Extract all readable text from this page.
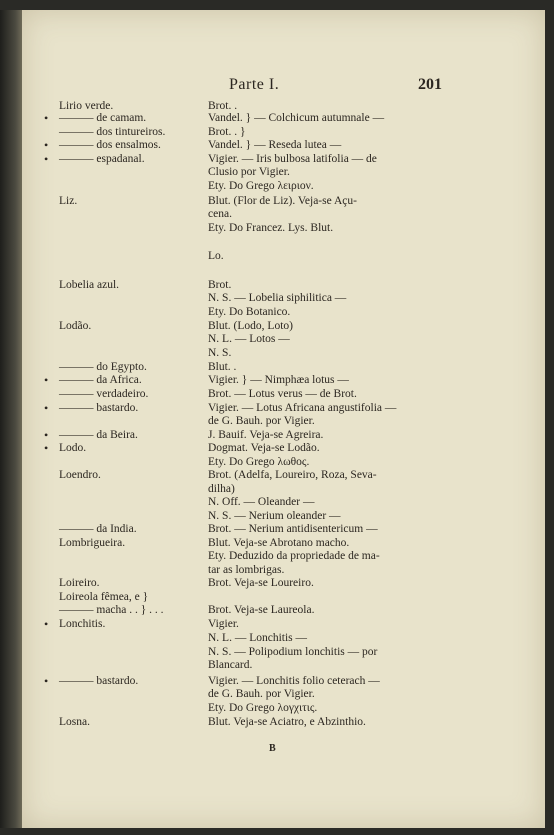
Parte I.	201
Lirio verde.	Brot. .
• ——— de camam.	Vandel. } — Colchicum autumnale —
——— dos tintureiros.	Brot. . }
• ——— dos ensalmos.	Vandel. } — Reseda lutea —
• ——— espadanal.	Vigier. — Iris bulbosa latifolia — de
Clusio por Vigier.
Ety. Do Grego λειριον.
Liz.	Blut. (Flor de Liz). Veja-se Açu-
cena.
Ety. Do Francez. Lys. Blut.
Lo.
Lobelia azul.	Brot.
N. S. — Lobelia siphilitica —
Ety. Do Botanico.
Lodão.	Blut. (Lodo, Loto)
N. L. — Lotos —
N. S.
——— do Egypto.	Blut. .
• ——— da Africa.	Vigier. } — Nimphæa lotus —
——— verdadeiro.	Brot. — Lotus verus — de Brot.
• ——— bastardo.	Vigier. — Lotus Africana angustifolia —
de G. Bauh. por Vigier.
• ——— da Beira.	J. Bauif. Veja-se Agreira.
• Lodo.	Dogmat. Veja-se Lodão.
Ety. Do Grego λωθος.
Loendro.	Brot. (Adelfa, Loureiro, Roza, Seva-
dilha)
N. Off. — Oleander —
N. S. — Nerium oleander —
——— da India.	Brot. — Nerium antidisentericum —
Lombrigueira.	Blut. Veja-se Abrotano macho.
Ety. Deduzido da propriedade de ma-
tar as lombrigas.
Loireiro.	Brot. Veja-se Loureiro.
Loireola fêmea, e }
——— macha . . } . . .	Brot. Veja-se Laureola.
• Lonchitis.	Vigier.
N. L. — Lonchitis —
N. S. — Polipodium lonchitis — por
Blancard.
• ——— bastardo.	Vigier. — Lonchitis folio ceterach —
de G. Bauh. por Vigier.
Ety. Do Grego λογχιτις.
Losna.	Blut. Veja-se Aciatro, e Abzinthio.
B
